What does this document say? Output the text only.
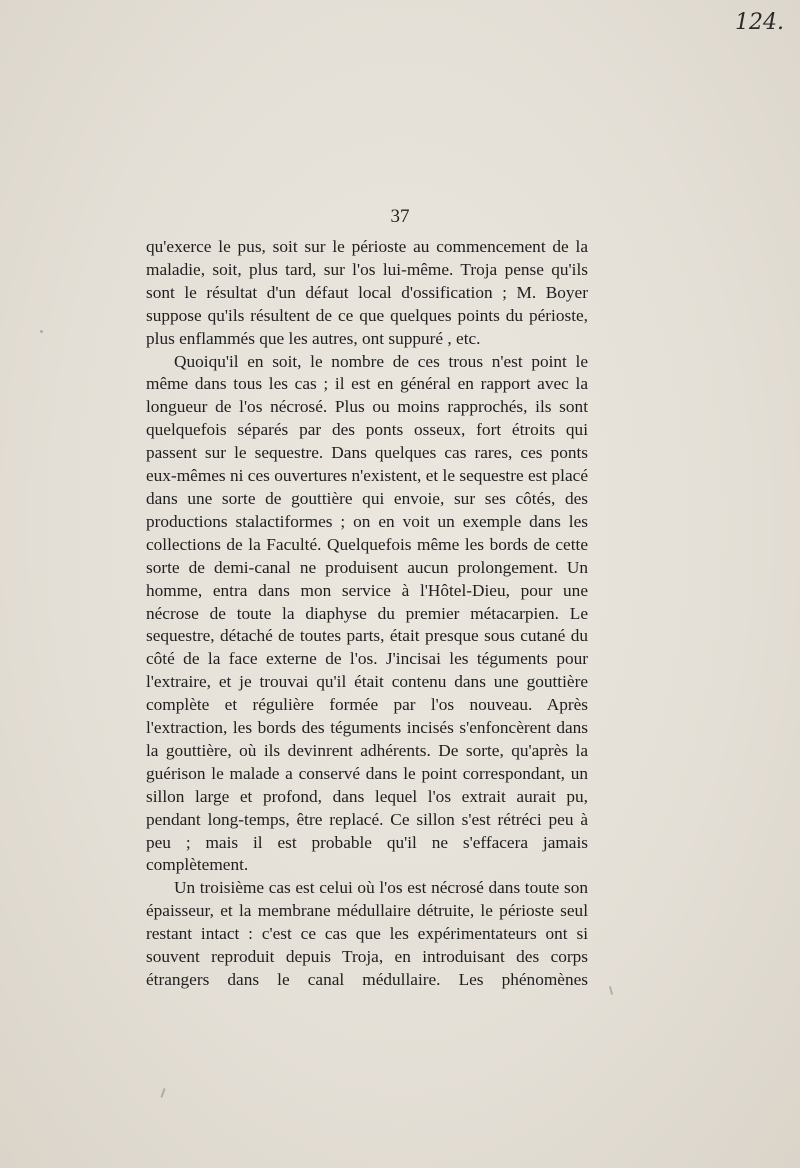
124.
37

qu'exerce le pus, soit sur le périoste au commencement de la maladie, soit, plus tard, sur l'os lui-même. Troja pense qu'ils sont le résultat d'un défaut local d'ossification ; M. Boyer suppose qu'ils résultent de ce que quelques points du périoste, plus enflammés que les autres, ont suppuré , etc.

Quoiqu'il en soit, le nombre de ces trous n'est point le même dans tous les cas ; il est en général en rapport avec la longueur de l'os nécrosé. Plus ou moins rapprochés, ils sont quelquefois séparés par des ponts osseux, fort étroits qui passent sur le sequestre. Dans quelques cas rares, ces ponts eux-mêmes ni ces ouvertures n'existent, et le sequestre est placé dans une sorte de gouttière qui envoie, sur ses côtés, des productions stalactiformes ; on en voit un exemple dans les collections de la Faculté. Quelquefois même les bords de cette sorte de demi-canal ne produisent aucun prolongement. Un homme, entra dans mon service à l'Hôtel-Dieu, pour une nécrose de toute la diaphyse du premier métacarpien. Le sequestre, détaché de toutes parts, était presque sous cutané du côté de la face externe de l'os. J'incisai les téguments pour l'extraire, et je trouvai qu'il était contenu dans une gouttière complète et régulière formée par l'os nouveau. Après l'extraction, les bords des téguments incisés s'enfoncèrent dans la gouttière, où ils devinrent adhérents. De sorte, qu'après la guérison le malade a conservé dans le point correspondant, un sillon large et profond, dans lequel l'os extrait aurait pu, pendant long-temps, être replacé. Ce sillon s'est rétréci peu à peu ; mais il est probable qu'il ne s'effacera jamais complètement.

Un troisième cas est celui où l'os est nécrosé dans toute son épaisseur, et la membrane médullaire détruite, le périoste seul restant intact : c'est ce cas que les expérimentateurs ont si souvent reproduit depuis Troja, en introduisant des corps étrangers dans le canal médullaire. Les phénomènes
